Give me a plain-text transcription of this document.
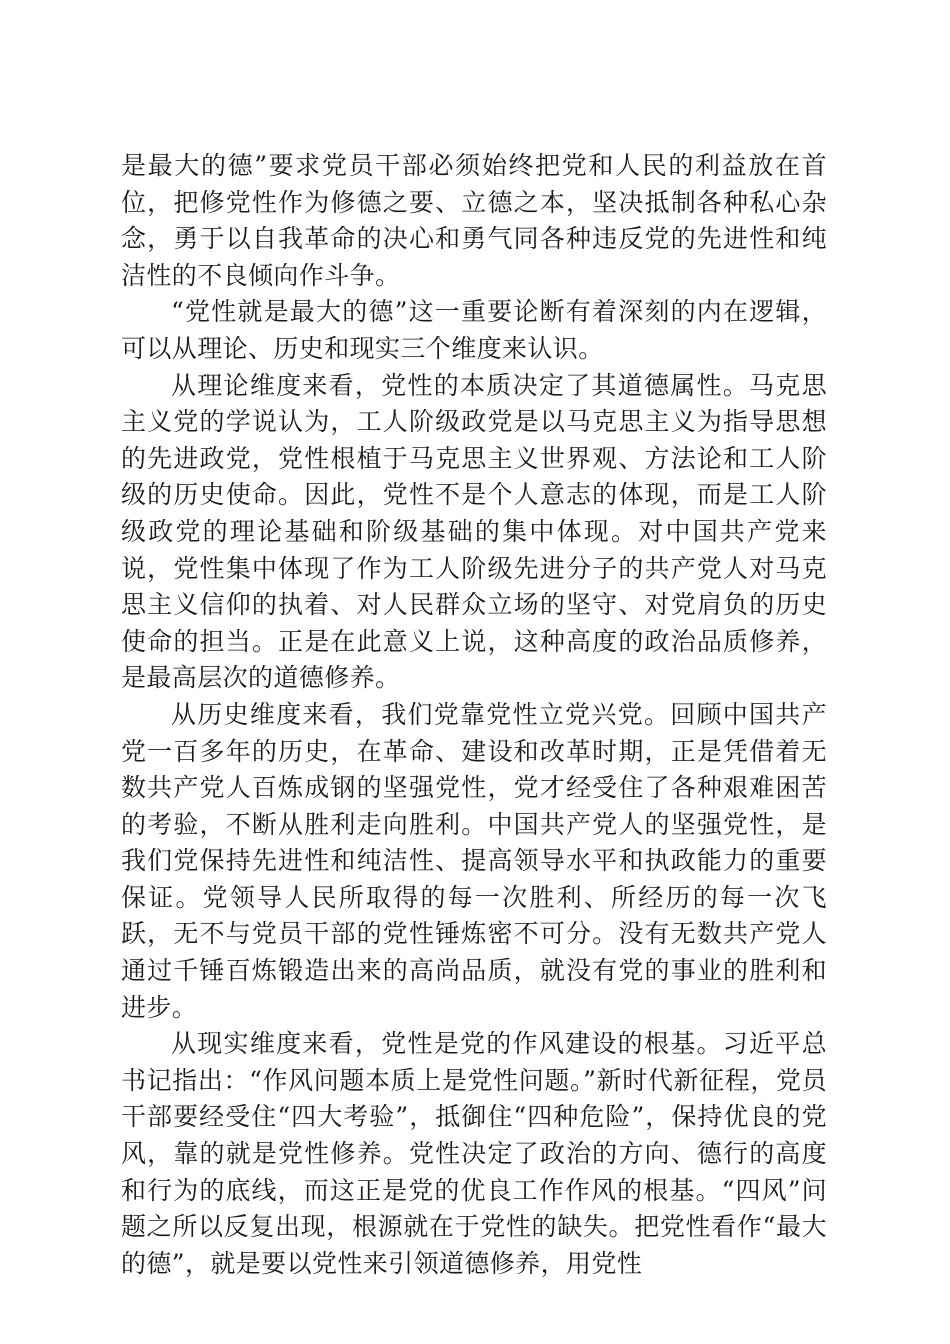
是最大的德”要求党员干部必须始终把党和人民的利益放在首位，把修党性作为修德之要、立德之本，坚决抵制各种私心杂念，勇于以自我革命的决心和勇气同各种违反党的先进性和纯洁性的不良倾向作斗争。

“党性就是最大的德”这一重要论断有着深刻的内在逻辑，可以从理论、历史和现实三个维度来认识。

从理论维度来看，党性的本质决定了其道德属性。马克思主义党的学说认为，工人阶级政党是以马克思主义为指导思想的先进政党，党性根植于马克思主义世界观、方法论和工人阶级的历史使命。因此，党性不是个人意志的体现，而是工人阶级政党的理论基础和阶级基础的集中体现。对中国共产党来说，党性集中体现了作为工人阶级先进分子的共产党人对马克思主义信仰的执着、对人民群众立场的坚守、对党肩负的历史使命的担当。正是在此意义上说，这种高度的政治品质修养，是最高层次的道德修养。

从历史维度来看，我们党靠党性立党兴党。回顾中国共产党一百多年的历史，在革命、建设和改革时期，正是凭借着无数共产党人百炼成钢的坚强党性，党才经受住了各种艰难困苦的考验，不断从胜利走向胜利。中国共产党人的坚强党性，是我们党保持先进性和纯洁性、提高领导水平和执政能力的重要保证。党领导人民所取得的每一次胜利、所经历的每一次飞跃，无不与党员干部的党性锤炼密不可分。没有无数共产党人通过千锤百炼锻造出来的高尚品质，就没有党的事业的胜利和进步。

从现实维度来看，党性是党的作风建设的根基。习近平总书记指出：“作风问题本质上是党性问题。”新时代新征程，党员干部要经受住“四大考验”，抵御住“四种危险”，保持优良的党风，靠的就是党性修养。党性决定了政治的方向、德行的高度和行为的底线，而这正是党的优良工作作风的根基。“四风”问题之所以反复出现，根源就在于党性的缺失。把党性看作“最大的德”，就是要以党性来引领道德修养，用党性
